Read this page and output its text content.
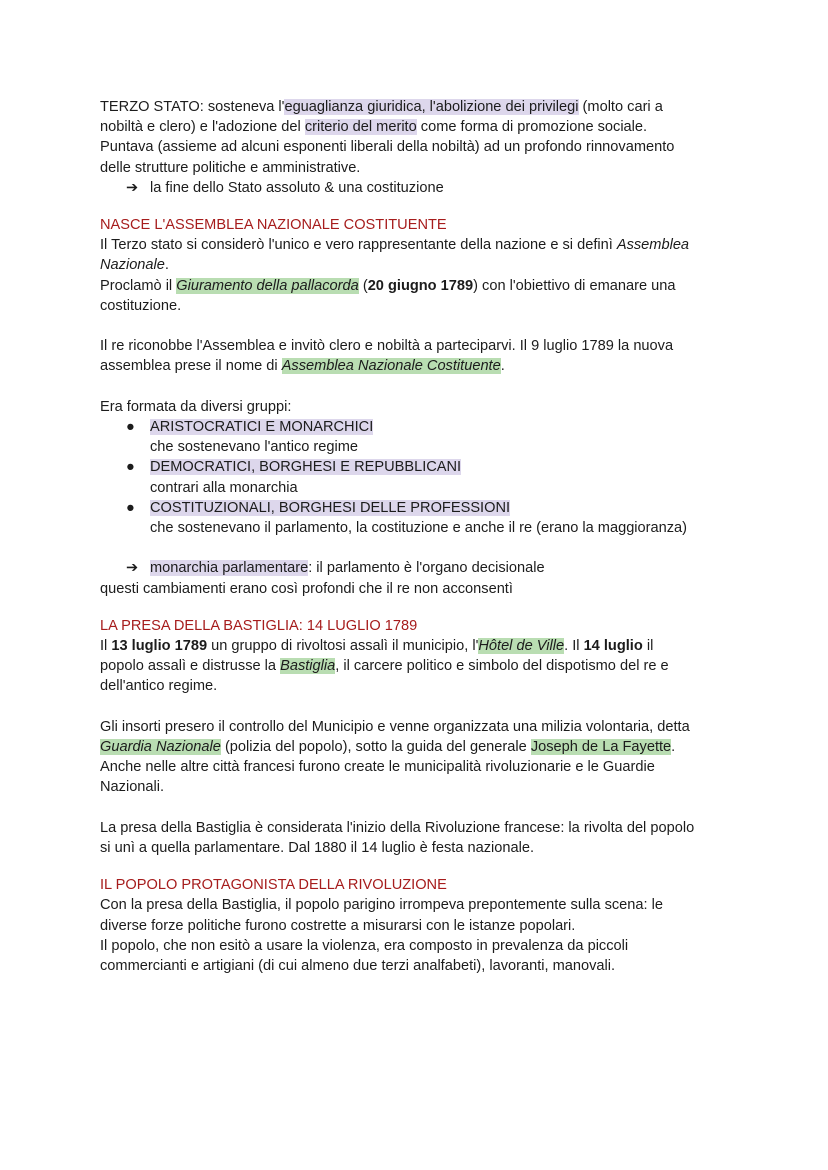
TERZO STATO: sosteneva l'eguaglianza giuridica, l'abolizione dei privilegi (molto cari a

nobiltà e clero) e l'adozione del criterio del merito come forma di promozione sociale.

Puntava (assieme ad alcuni esponenti liberali della nobiltà) ad un profondo rinnovamento

delle strutture politiche e amministrative.

➔ la fine dello Stato assoluto & una costituzione

NASCE L'ASSEMBLEA NAZIONALE COSTITUENTE

Il Terzo stato si considerò l'unico e vero rappresentante della nazione e si definì Assemblea

Nazionale.

Proclamò il Giuramento della pallacorda (20 giugno 1789) con l'obiettivo di emanare una

costituzione.

Il re riconobbe l'Assemblea e invitò clero e nobiltà a parteciparvi. Il 9 luglio 1789 la nuova

assemblea prese il nome di Assemblea Nazionale Costituente.

Era formata da diversi gruppi:

● ARISTOCRATICI E MONARCHICI
che sostenevano l'antico regime
● DEMOCRATICI, BORGHESI E REPUBBLICANI
contrari alla monarchia
● COSTITUZIONALI, BORGHESI DELLE PROFESSIONI
che sostenevano il parlamento, la costituzione e anche il re (erano la maggioranza)

➔ monarchia parlamentare: il parlamento è l'organo decisionale

questi cambiamenti erano così profondi che il re non acconsentì

LA PRESA DELLA BASTIGLIA: 14 LUGLIO 1789

Il 13 luglio 1789 un gruppo di rivoltosi assalì il municipio, l'Hôtel de Ville. Il 14 luglio il

popolo assalì e distrusse la Bastiglia, il carcere politico e simbolo del dispotismo del re e

dell'antico regime.

Gli insorti presero il controllo del Municipio e venne organizzata una milizia volontaria, detta

Guardia Nazionale (polizia del popolo), sotto la guida del generale Joseph de La Fayette.

Anche nelle altre città francesi furono create le municipalità rivoluzionarie e le Guardie

Nazionali.

La presa della Bastiglia è considerata l'inizio della Rivoluzione francese: la rivolta del popolo

si unì a quella parlamentare. Dal 1880 il 14 luglio è festa nazionale.

IL POPOLO PROTAGONISTA DELLA RIVOLUZIONE

Con la presa della Bastiglia, il popolo parigino irrompeva prepontemente sulla scena: le

diverse forze politiche furono costrette a misurarsi con le istanze popolari.

Il popolo, che non esitò a usare la violenza, era composto in prevalenza da piccoli

commercianti e artigiani (di cui almeno due terzi analfabeti), lavoranti, manovali.
